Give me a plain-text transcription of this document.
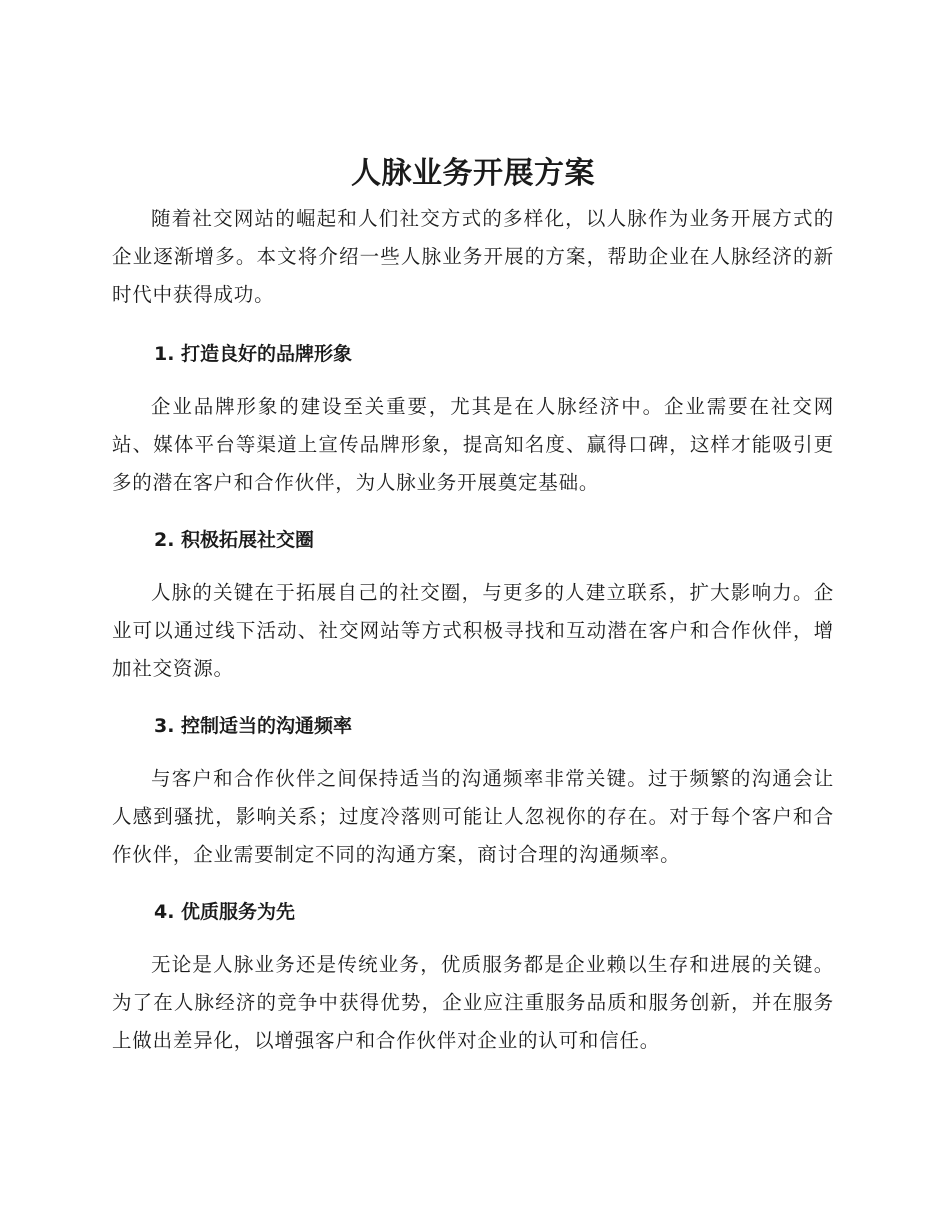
人脉业务开展方案

随着社交网站的崛起和人们社交方式的多样化，以人脉作为业务开展方式的企业逐渐增多。本文将介绍一些人脉业务开展的方案，帮助企业在人脉经济的新时代中获得成功。

1. 打造良好的品牌形象

企业品牌形象的建设至关重要，尤其是在人脉经济中。企业需要在社交网站、媒体平台等渠道上宣传品牌形象，提高知名度、赢得口碑，这样才能吸引更多的潜在客户和合作伙伴，为人脉业务开展奠定基础。

2. 积极拓展社交圈

人脉的关键在于拓展自己的社交圈，与更多的人建立联系，扩大影响力。企业可以通过线下活动、社交网站等方式积极寻找和互动潜在客户和合作伙伴，增加社交资源。

3. 控制适当的沟通频率

与客户和合作伙伴之间保持适当的沟通频率非常关键。过于频繁的沟通会让人感到骚扰，影响关系；过度冷落则可能让人忽视你的存在。对于每个客户和合作伙伴，企业需要制定不同的沟通方案，商讨合理的沟通频率。

4. 优质服务为先

无论是人脉业务还是传统业务，优质服务都是企业赖以生存和进展的关键。为了在人脉经济的竞争中获得优势，企业应注重服务品质和服务创新，并在服务上做出差异化，以增强客户和合作伙伴对企业的认可和信任。
